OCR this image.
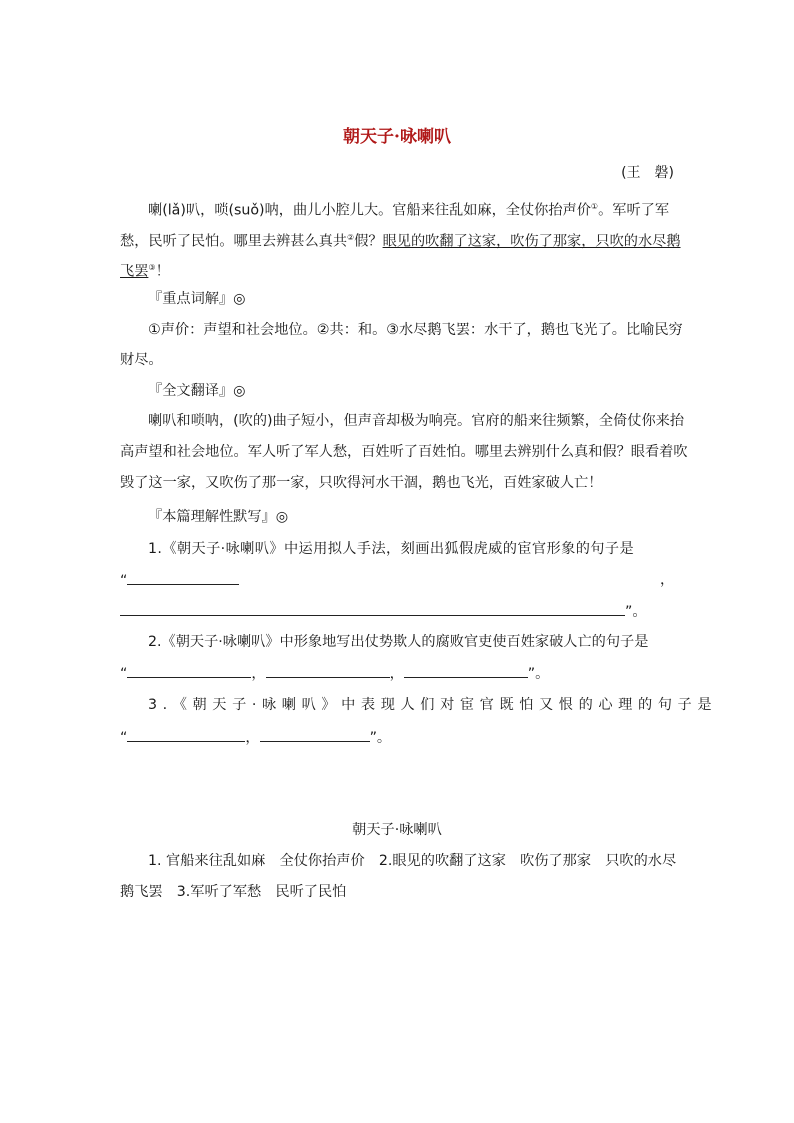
朝天子·咏喇叭
(王　磐)
喇(lǎ)叭，唢(suǒ)呐，曲儿小腔儿大。官船来往乱如麻，全仗你抬声价①。军听了军
愁，民听了民怕。哪里去辨甚么真共②假？眼见的吹翻了这家，吹伤了那家，只吹的水尽鹅
飞罢③！
『重点词解』◎
①声价：声望和社会地位。②共：和。③水尽鹅飞罢：水干了，鹅也飞光了。比喻民穷
财尽。
『全文翻译』◎
喇叭和唢呐，(吹的)曲子短小，但声音却极为响亮。官府的船来往频繁，全倚仗你来抬
高声望和社会地位。军人听了军人愁，百姓听了百姓怕。哪里去辨别什么真和假？眼看着吹
毁了这一家，又吹伤了那一家，只吹得河水干涸，鹅也飞光，百姓家破人亡！
『本篇理解性默写』◎
1.《朝天子·咏喇叭》中运用拟人手法，刻画出狐假虎威的宦官形象的句子是
“	，
”。
2.《朝天子·咏喇叭》中形象地写出仗势欺人的腐败官吏使百姓家破人亡的句子是
“	，	，	”。
3.《朝天子·咏喇叭》中表现人们对宦官既怕又恨的心理的句子是
“	，	”。
朝天子·咏喇叭
1. 官船来往乱如麻　全仗你抬声价　2.眼见的吹翻了这家　吹伤了那家　只吹的水尽
鹅飞罢　3.军听了军愁　民听了民怕
